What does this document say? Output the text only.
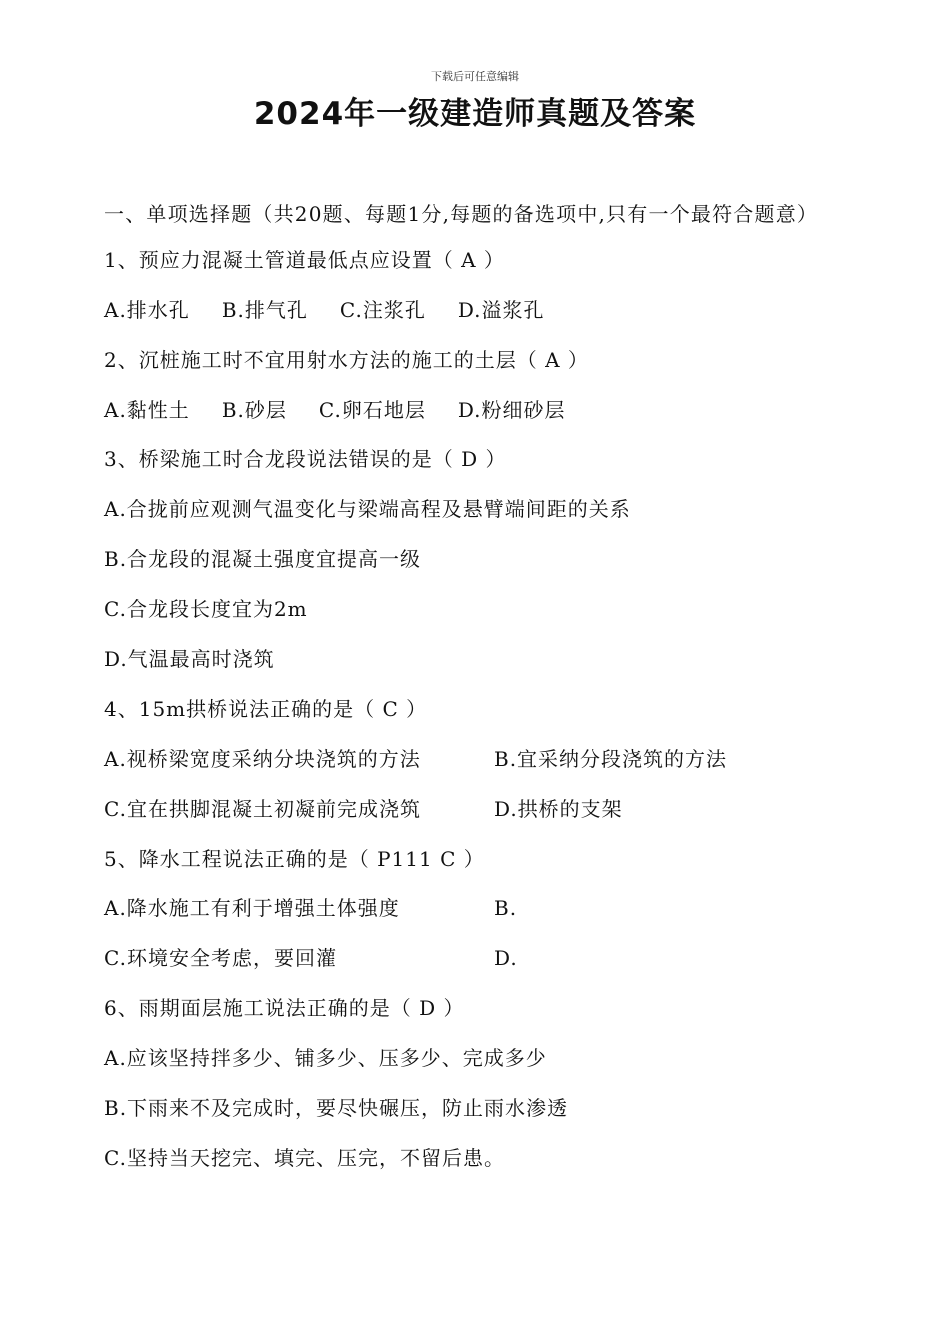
下载后可任意编辑
2024年一级建造师真题及答案
一、单项选择题（共20题、每题1分,每题的备选项中,只有一个最符合题意）
1、预应力混凝土管道最低点应设置（ A ）
A.排水孔 B.排气孔 C.注浆孔 D.溢浆孔
2、沉桩施工时不宜用射水方法的施工的土层（ A ）
A.黏性土 B.砂层 C.卵石地层 D.粉细砂层
3、桥梁施工时合龙段说法错误的是（ D ）
A.合拢前应观测气温变化与梁端高程及悬臂端间距的关系
B.合龙段的混凝土强度宜提高一级
C.合龙段长度宜为2m
D.气温最高时浇筑
4、15m拱桥说法正确的是（ C ）
A.视桥梁宽度采纳分块浇筑的方法	B.宜采纳分段浇筑的方法
C.宜在拱脚混凝土初凝前完成浇筑	D.拱桥的支架
5、降水工程说法正确的是（ P111 C ）
A.降水施工有利于增强土体强度	B.
C.环境安全考虑，要回灌	D.
6、雨期面层施工说法正确的是（ D ）
A.应该坚持拌多少、铺多少、压多少、完成多少
B.下雨来不及完成时，要尽快碾压，防止雨水渗透
C.坚持当天挖完、填完、压完，不留后患。
